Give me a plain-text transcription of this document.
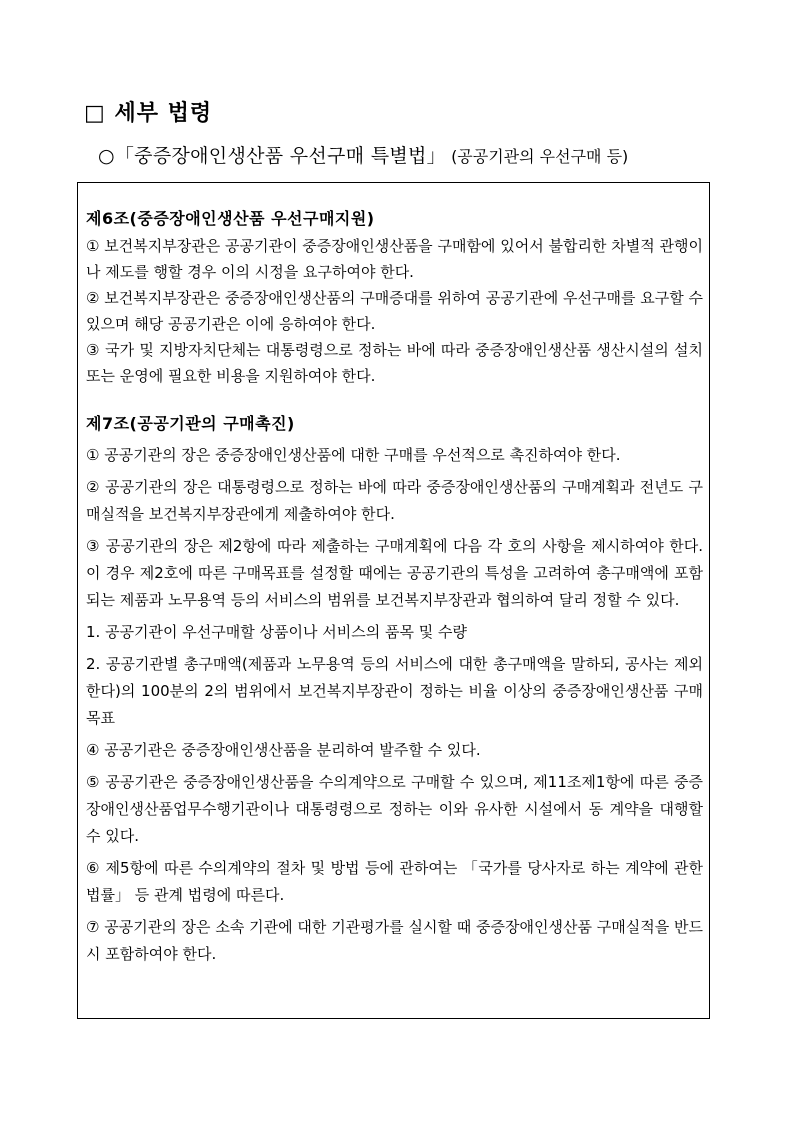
□ 세부 법령
○「중증장애인생산품 우선구매 특별법」 (공공기관의 우선구매 등)
제6조(중증장애인생산품 우선구매지원)
① 보건복지부장관은 공공기관이 중증장애인생산품을 구매함에 있어서 불합리한 차별적 관행이나 제도를 행할 경우 이의 시정을 요구하여야 한다.
② 보건복지부장관은 중증장애인생산품의 구매증대를 위하여 공공기관에 우선구매를 요구할 수 있으며 해당 공공기관은 이에 응하여야 한다.
③ 국가 및 지방자치단체는 대통령령으로 정하는 바에 따라 중증장애인생산품 생산시설의 설치 또는 운영에 필요한 비용을 지원하여야 한다.
제7조(공공기관의 구매촉진)
① 공공기관의 장은 중증장애인생산품에 대한 구매를 우선적으로 촉진하여야 한다.
② 공공기관의 장은 대통령령으로 정하는 바에 따라 중증장애인생산품의 구매계획과 전년도 구매실적을 보건복지부장관에게 제출하여야 한다.
③ 공공기관의 장은 제2항에 따라 제출하는 구매계획에 다음 각 호의 사항을 제시하여야 한다. 이 경우 제2호에 따른 구매목표를 설정할 때에는 공공기관의 특성을 고려하여 총구매액에 포함되는 제품과 노무용역 등의 서비스의 범위를 보건복지부장관과 협의하여 달리 정할 수 있다.
1. 공공기관이 우선구매할 상품이나 서비스의 품목 및 수량
2. 공공기관별 총구매액(제품과 노무용역 등의 서비스에 대한 총구매액을 말하되, 공사는 제외한다)의 100분의 2의 범위에서 보건복지부장관이 정하는 비율 이상의 중증장애인생산품 구매목표
④ 공공기관은 중증장애인생산품을 분리하여 발주할 수 있다.
⑤ 공공기관은 중증장애인생산품을 수의계약으로 구매할 수 있으며, 제11조제1항에 따른 중증장애인생산품업무수행기관이나 대통령령으로 정하는 이와 유사한 시설에서 동 계약을 대행할 수 있다.
⑥ 제5항에 따른 수의계약의 절차 및 방법 등에 관하여는 「국가를 당사자로 하는 계약에 관한 법률」 등 관계 법령에 따른다.
⑦ 공공기관의 장은 소속 기관에 대한 기관평가를 실시할 때 중증장애인생산품 구매실적을 반드시 포함하여야 한다.
